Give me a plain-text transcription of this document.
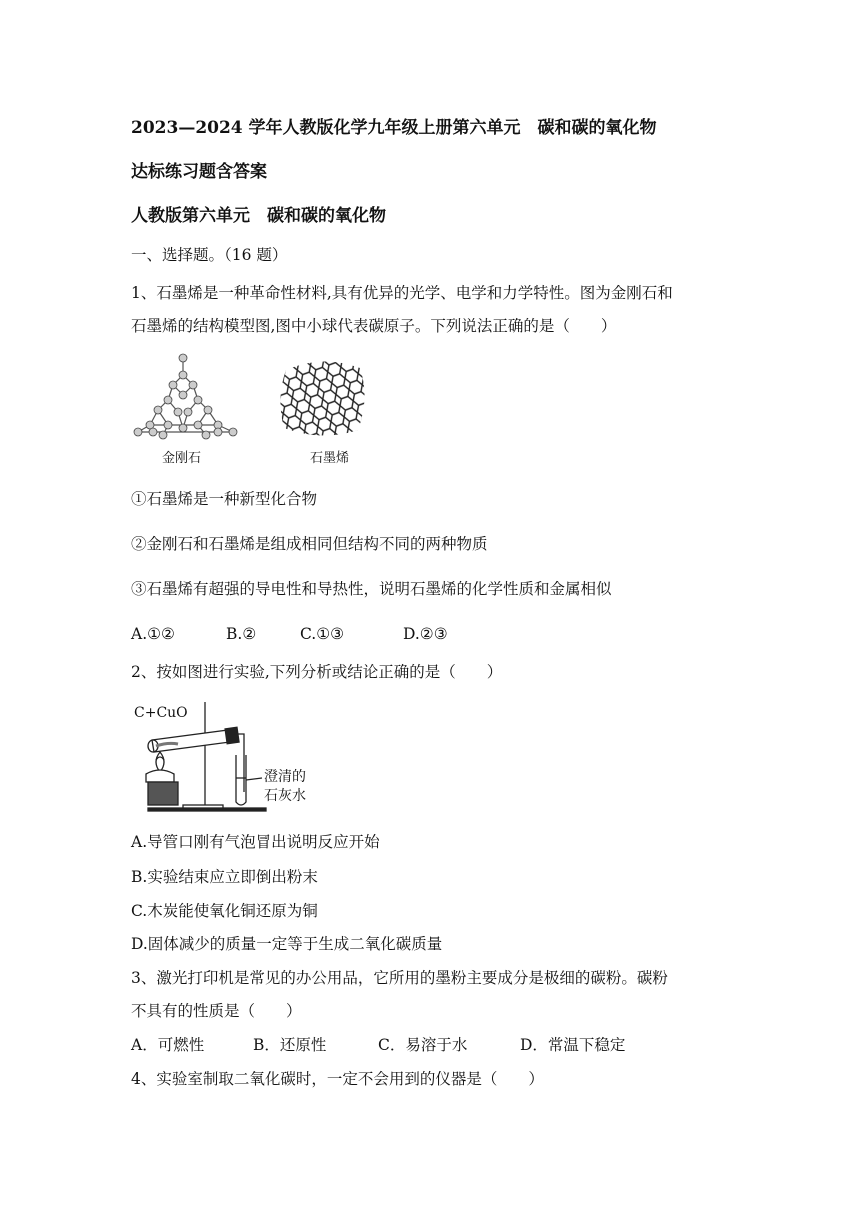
2023—2024 学年人教版化学九年级上册第六单元　碳和碳的氧化物
达标练习题含答案
人教版第六单元　碳和碳的氧化物
一、选择题。（16 题）
1、石墨烯是一种革命性材料,具有优异的光学、电学和力学特性。图为金刚石和
石墨烯的结构模型图,图中小球代表碳原子。下列说法正确的是（　　）
金刚石	石墨烯
①石墨烯是一种新型化合物
②金刚石和石墨烯是组成相同但结构不同的两种物质
③石墨烯有超强的导电性和导热性，说明石墨烯的化学性质和金属相似
A.①②	B.②	C.①③	D.②③
2、按如图进行实验,下列分析或结论正确的是（　　）
C+CuO
澄清的
石灰水
A.导管口刚有气泡冒出说明反应开始
B.实验结束应立即倒出粉末
C.木炭能使氧化铜还原为铜
D.固体减少的质量一定等于生成二氧化碳质量
3、激光打印机是常见的办公用品，它所用的墨粉主要成分是极细的碳粉。碳粉
不具有的性质是（　　）
A．可燃性	B．还原性	C．易溶于水	D．常温下稳定
4、实验室制取二氧化碳时，一定不会用到的仪器是（　　）
